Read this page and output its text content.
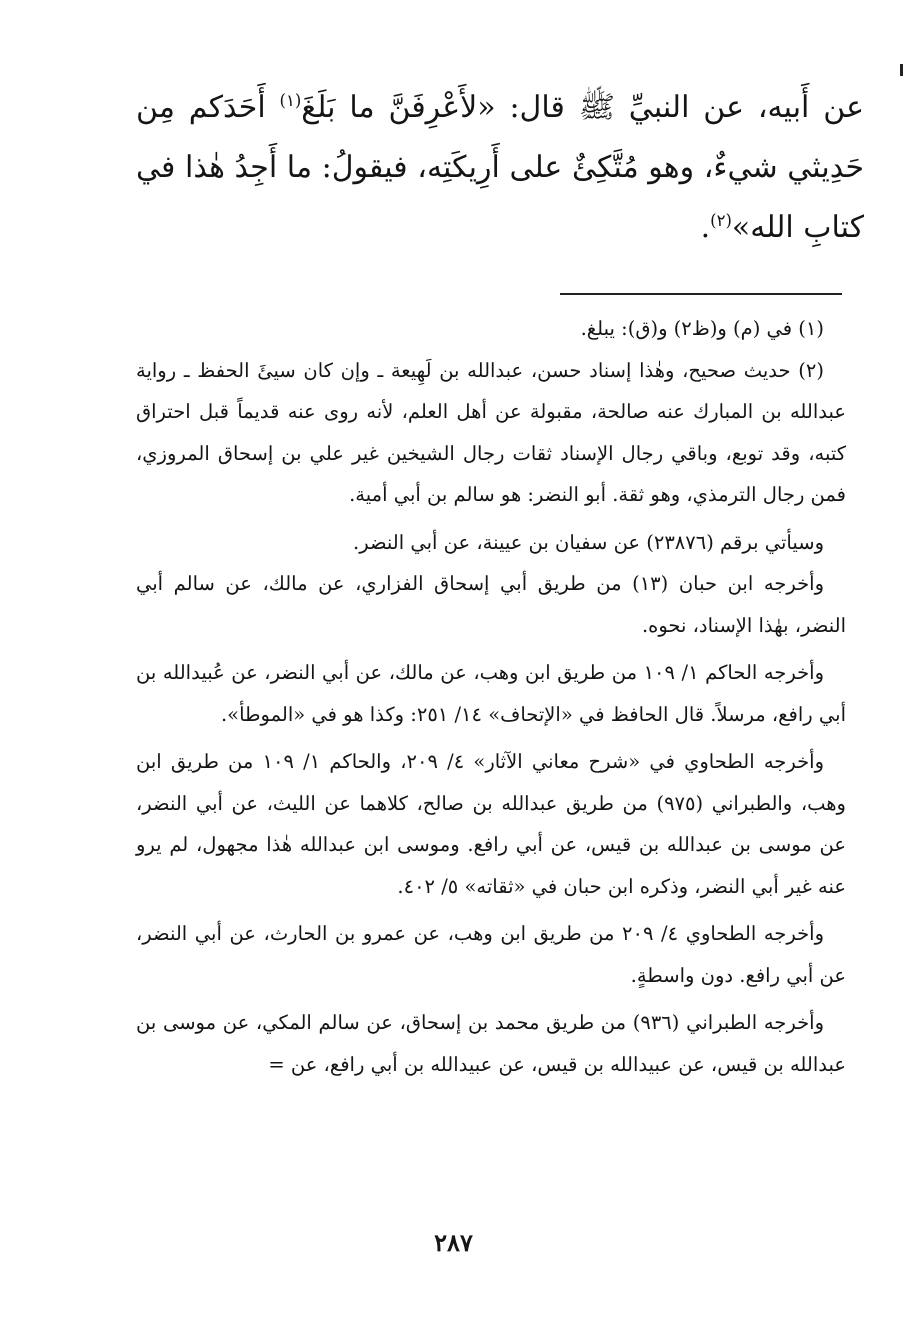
عن أَبيه، عن النبيِّ ﷺ قال: «لأَعْرِفَنَّ ما بَلَغَ$^{(١)}$ أَحَدَكم مِن حَدِيثي شيءٌ، وهو مُتَّكِئٌ على أَرِيكَتِه، فيقولُ: ما أَجِدُ هٰذا في كتابِ الله»$^{(٢)}$.

(١) في (م) و(ظ٢) و(ق): يبلغ.

(٢) حديث صحيح، وهٰذا إسناد حسن، عبدالله بن لَهِيعة ـ وإن كان سيئَ الحفظ ـ رواية عبدالله بن المبارك عنه صالحة، مقبولة عن أهل العلم، لأنه روى عنه قديماً قبل احتراق كتبه، وقد توبع، وباقي رجال الإسناد ثقات رجال الشيخين غير علي بن إسحاق المروزي، فمن رجال الترمذي، وهو ثقة. أبو النضر: هو سالم بن أبي أمية.

وسيأتي برقم (٢٣٨٧٦) عن سفيان بن عيينة، عن أبي النضر.

وأخرجه ابن حبان (١٣) من طريق أبي إسحاق الفزاري، عن مالك، عن سالم أبي النضر، بهٰذا الإسناد، نحوه.

وأخرجه الحاكم ١/ ١٠٩ من طريق ابن وهب، عن مالك، عن أبي النضر، عن عُبيدالله بن أبي رافع، مرسلاً. قال الحافظ في «الإتحاف» ١٤/ ٢٥١: وكذا هو في «الموطأ».

وأخرجه الطحاوي في «شرح معاني الآثار» ٤/ ٢٠٩، والحاكم ١/ ١٠٩ من طريق ابن وهب، والطبراني (٩٧٥) من طريق عبدالله بن صالح، كلاهما عن الليث، عن أبي النضر، عن موسى بن عبدالله بن قيس، عن أبي رافع. وموسى ابن عبدالله هٰذا مجهول، لم يرو عنه غير أبي النضر، وذكره ابن حبان في «ثقاته» ٥/ ٤٠٢.

وأخرجه الطحاوي ٤/ ٢٠٩ من طريق ابن وهب، عن عمرو بن الحارث، عن أبي النضر، عن أبي رافع. دون واسطةٍ.

وأخرجه الطبراني (٩٣٦) من طريق محمد بن إسحاق، عن سالم المكي، عن موسى بن عبدالله بن قيس، عن عبيدالله بن قيس، عن عبيدالله بن أبي رافع، عن =

٢٨٧
